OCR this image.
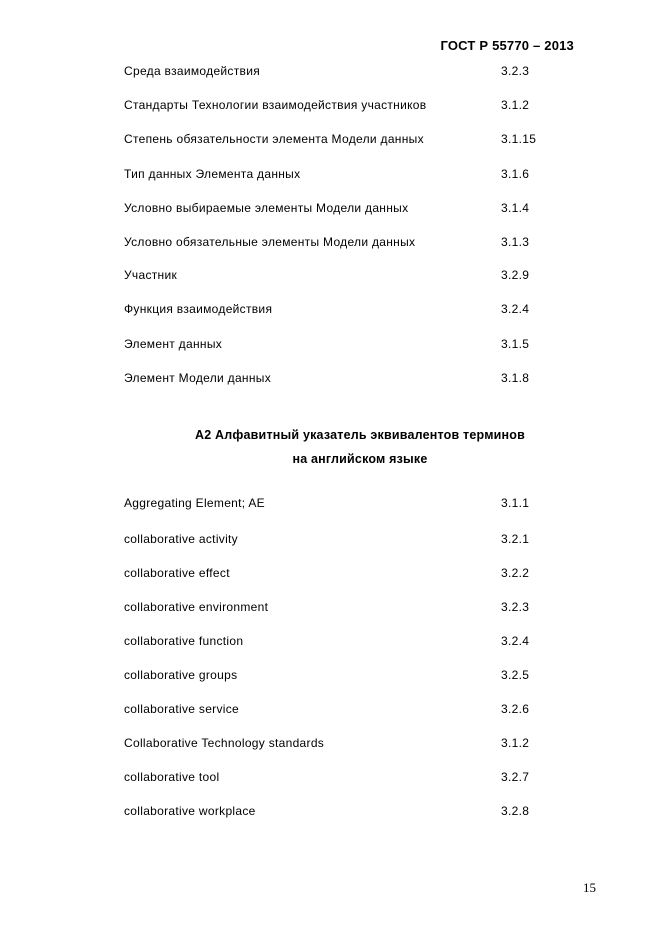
ГОСТ Р 55770 – 2013
Среда взаимодействия	3.2.3
Стандарты Технологии взаимодействия участников	3.1.2
Степень обязательности элемента Модели данных	3.1.15
Тип данных Элемента данных	3.1.6
Условно выбираемые элементы Модели данных	3.1.4
Условно обязательные элементы Модели данных	3.1.3
Участник	3.2.9
Функция взаимодействия	3.2.4
Элемент данных	3.1.5
Элемент Модели данных	3.1.8
А2 Алфавитный указатель эквивалентов терминов
на английском языке
Aggregating Element; AE	3.1.1
collaborative activity	3.2.1
collaborative effect	3.2.2
collaborative environment	3.2.3
collaborative function	3.2.4
collaborative groups	3.2.5
collaborative service	3.2.6
Collaborative Technology standards	3.1.2
collaborative tool	3.2.7
collaborative workplace	3.2.8
15
